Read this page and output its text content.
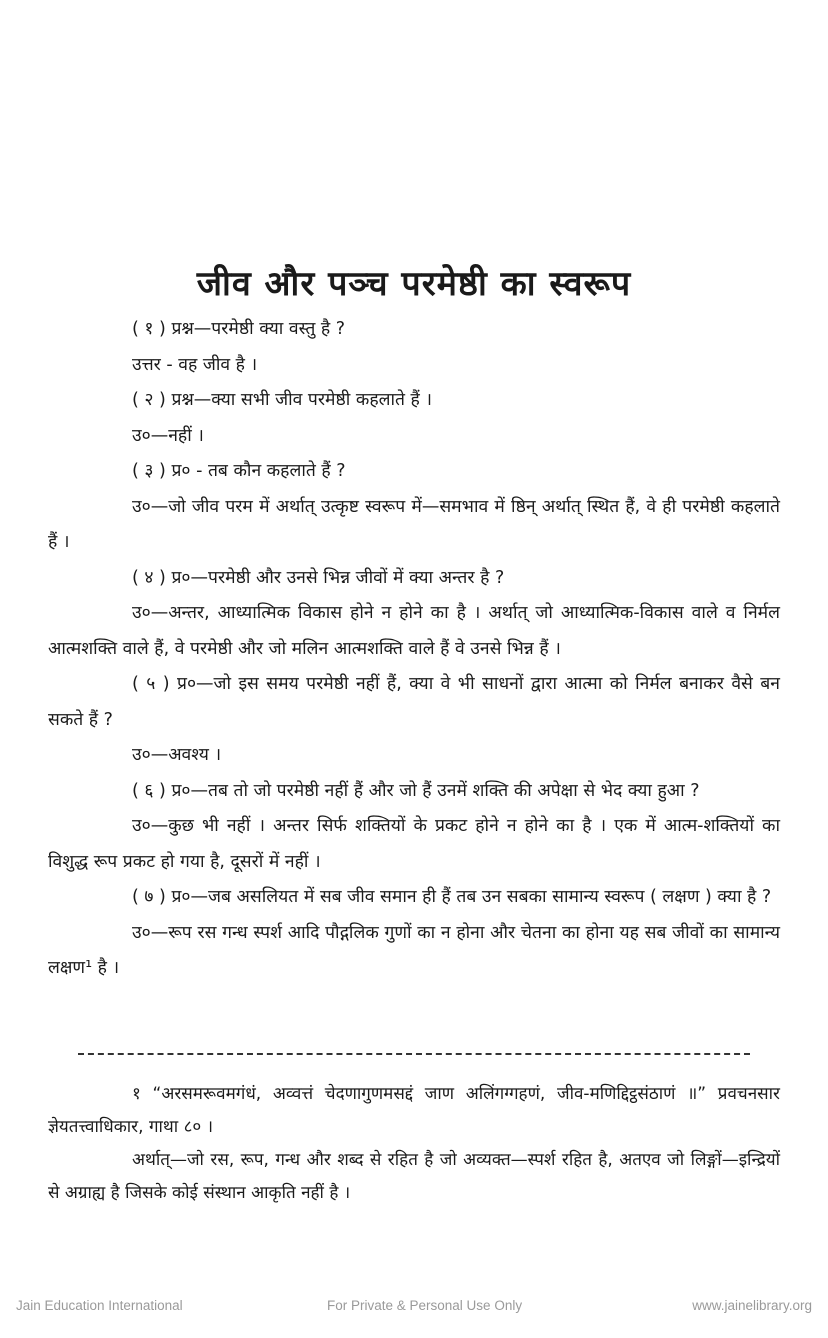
जीव और पञ्च परमेष्ठी का स्वरूप

( १ ) प्रश्न—परमेष्ठी क्या वस्तु है ?

उत्तर - वह जीव है ।

( २ ) प्रश्न—क्या सभी जीव परमेष्ठी कहलाते हैं ।

उ०—नहीं ।

( ३ ) प्र० - तब कौन कहलाते हैं ?

उ०—जो जीव परम में अर्थात् उत्कृष्ट स्वरूप में—समभाव में ष्ठिन् अर्थात् स्थित हैं, वे ही परमेष्ठी कहलाते हैं ।

( ४ ) प्र०—परमेष्ठी और उनसे भिन्न जीवों में क्या अन्तर है ?

उ०—अन्तर, आध्यात्मिक विकास होने न होने का है । अर्थात् जो आध्यात्मिक-विकास वाले व निर्मल आत्मशक्ति वाले हैं, वे परमेष्ठी और जो मलिन आत्मशक्ति वाले हैं वे उनसे भिन्न हैं ।

( ५ ) प्र०—जो इस समय परमेष्ठी नहीं हैं, क्या वे भी साधनों द्वारा आत्मा को निर्मल बनाकर वैसे बन सकते हैं ?

उ०—अवश्य ।

( ६ ) प्र०—तब तो जो परमेष्ठी नहीं हैं और जो हैं उनमें शक्ति की अपेक्षा से भेद क्या हुआ ?

उ०—कुछ भी नहीं । अन्तर सिर्फ शक्तियों के प्रकट होने न होने का है । एक में आत्म-शक्तियों का विशुद्ध रूप प्रकट हो गया है, दूसरों में नहीं ।

( ७ ) प्र०—जब असलियत में सब जीव समान ही हैं तब उन सबका सामान्य स्वरूप ( लक्षण ) क्या है ?

उ०—रूप रस गन्ध स्पर्श आदि पौद्गलिक गुणों का न होना और चेतना का होना यह सब जीवों का सामान्य लक्षण¹ है ।

१ “अरसमरूवमगंधं, अव्वत्तं चेदणागुणमसद्दं जाण अलिंगग्गहणं, जीव-मणिद्दिट्ठसंठाणं ॥” प्रवचनसार ज्ञेयतत्त्वाधिकार, गाथा ८० ।

अर्थात्—जो रस, रूप, गन्ध और शब्द से रहित है जो अव्यक्त—स्पर्श रहित है, अतएव जो लिङ्गों—इन्द्रियों से अग्राह्य है जिसके कोई संस्थान आकृति नहीं है ।

Jain Education International	For Private & Personal Use Only	www.jainelibrary.org
